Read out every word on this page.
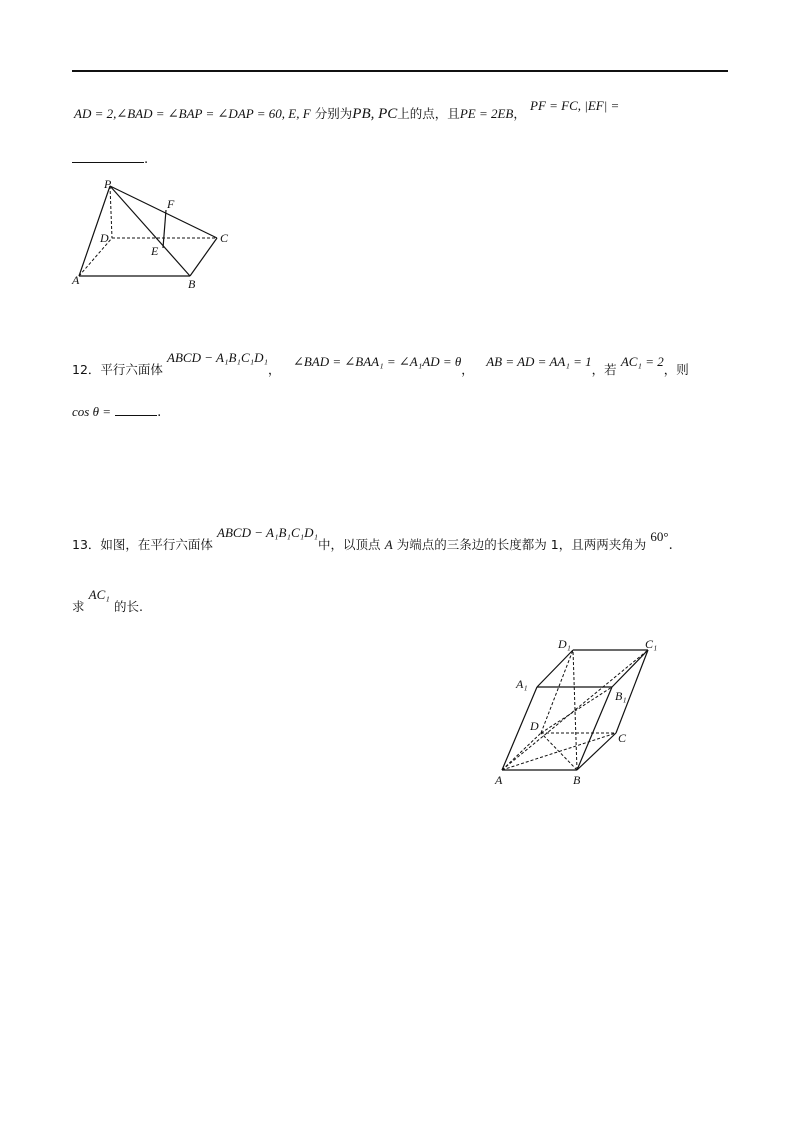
AD = 2,∠BAD = ∠BAP = ∠DAP = 60, E, F 分别为PB, PC上的点，且PE = 2EB， PF = FC, |EF| =
.
P
F
D	C
E
A	B
12．平行六面体 ABCD − A₁B₁C₁D₁，   ∠BAD = ∠BAA₁ = ∠A₁AD = θ，   AB = AD = AA₁ = 1，若 AC₁ = 2，则
cos θ =	.
13．如图，在平行六面体 ABCD − A₁B₁C₁D₁中，以顶点 A 为端点的三条边的长度都为 1，且两两夹角为 60°.
求 AC₁ 的长.
D₁	C₁
A₁
B₁
D
C
A	B
